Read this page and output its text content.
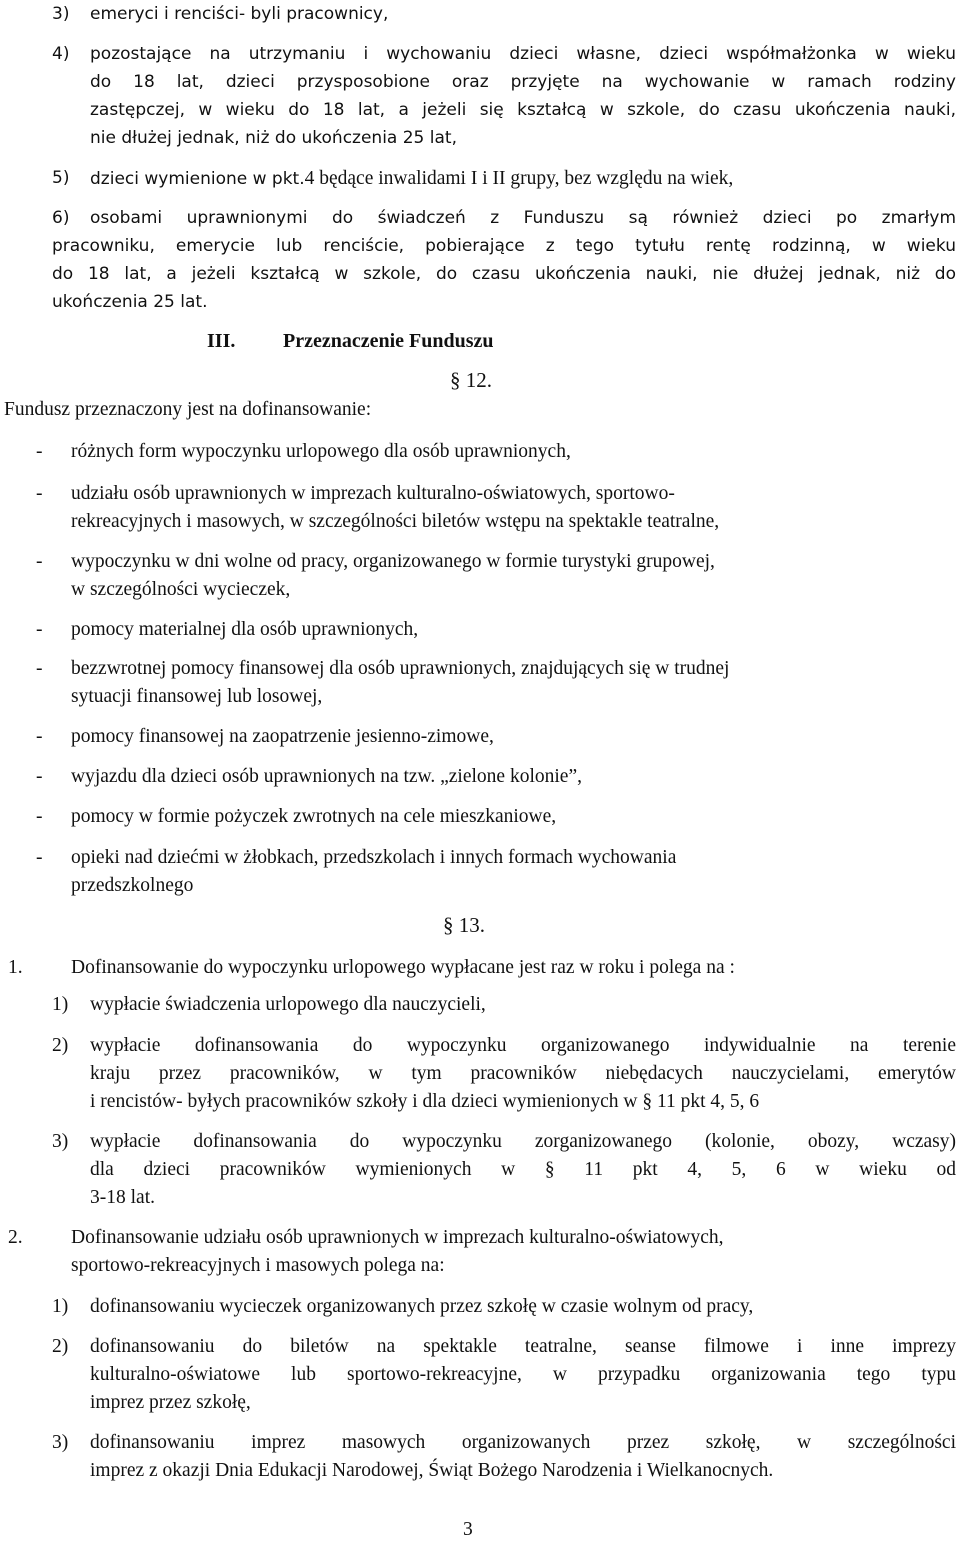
3) emeryci i renciści- byli pracownicy,
4) pozostające na utrzymaniu i wychowaniu dzieci własne, dzieci współmałżonka w wieku
do 18 lat, dzieci przysposobione oraz przyjęte na wychowanie w ramach rodziny
zastępczej, w wieku do 18 lat, a jeżeli się kształcą w szkole, do czasu ukończenia nauki,
nie dłużej jednak, niż do ukończenia 25 lat,
5) dzieci wymienione w pkt.4 będące inwalidami I i II grupy, bez względu na wiek,
6) osobami uprawnionymi do świadczeń z Funduszu są również dzieci po zmarłym
pracowniku, emerycie lub renciście, pobierające z tego tytułu rentę rodzinną, w wieku
do 18 lat, a jeżeli kształcą w szkole, do czasu ukończenia nauki, nie dłużej jednak, niż do
ukończenia 25 lat.
III. Przeznaczenie Funduszu
§ 12.
Fundusz przeznaczony jest na dofinansowanie:
- różnych form wypoczynku urlopowego dla osób uprawnionych,
- udziału osób uprawnionych w imprezach kulturalno-oświatowych, sportowo-
rekreacyjnych i masowych, w szczególności biletów wstępu na spektakle teatralne,
- wypoczynku w dni wolne od pracy, organizowanego w formie turystyki grupowej,
w szczególności wycieczek,
- pomocy materialnej dla osób uprawnionych,
- bezzwrotnej pomocy finansowej dla osób uprawnionych, znajdujących się w trudnej
sytuacji finansowej lub losowej,
- pomocy finansowej na zaopatrzenie jesienno-zimowe,
- wyjazdu dla dzieci osób uprawnionych na tzw. „zielone kolonie”,
- pomocy w formie pożyczek zwrotnych na cele mieszkaniowe,
- opieki nad dziećmi w żłobkach, przedszkolach i innych formach wychowania
przedszkolnego
§ 13.
1. Dofinansowanie do wypoczynku urlopowego wypłacane jest raz w roku i polega na :
1) wypłacie świadczenia urlopowego dla nauczycieli,
2) wypłacie dofinansowania do wypoczynku organizowanego indywidualnie na terenie
kraju przez pracowników, w tym pracowników niebędacych nauczycielami, emerytów
i rencistów- byłych pracowników szkoły i dla dzieci wymienionych w § 11 pkt 4, 5, 6
3) wypłacie dofinansowania do wypoczynku zorganizowanego (kolonie, obozy, wczasy)
dla dzieci pracowników wymienionych w § 11 pkt 4, 5, 6 w wieku od
3-18 lat.
2. Dofinansowanie udziału osób uprawnionych w imprezach kulturalno-oświatowych,
sportowo-rekreacyjnych i masowych polega na:
1) dofinansowaniu wycieczek organizowanych przez szkołę w czasie wolnym od pracy,
2) dofinansowaniu do biletów na spektakle teatralne, seanse filmowe i inne imprezy
kulturalno-oświatowe lub sportowo-rekreacyjne, w przypadku organizowania tego typu
imprez przez szkołę,
3) dofinansowaniu imprez masowych organizowanych przez szkołę, w szczególności
imprez z okazji Dnia Edukacji Narodowej, Świąt Bożego Narodzenia i Wielkanocnych.
3
